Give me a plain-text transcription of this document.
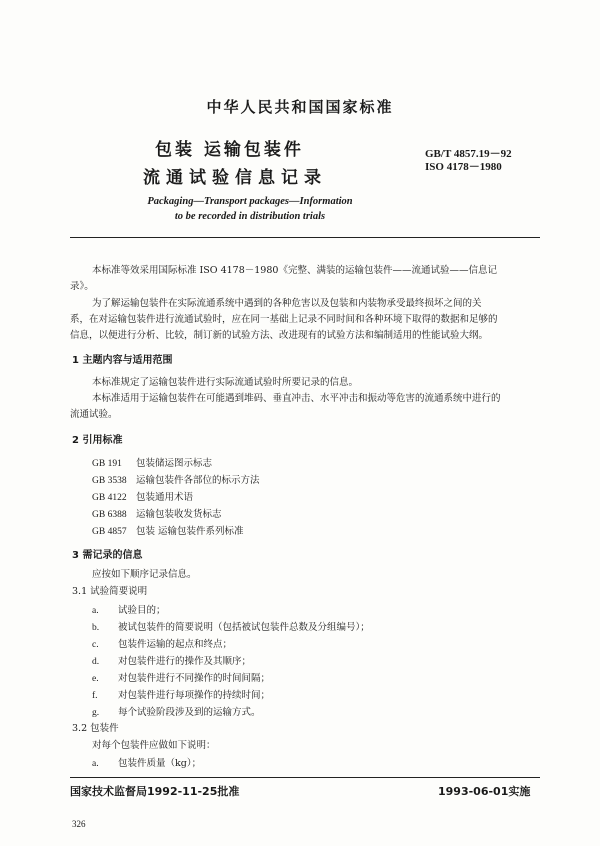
中华人民共和国国家标准
包装 运输包装件
流通试验信息记录
GB/T 4857.19－92
ISO 4178－1980
Packaging—Transport packages—Information
to be recorded in distribution trials
本标准等效采用国际标准 ISO 4178－1980《完整、满装的运输包装件——流通试验——信息记
录》。
为了解运输包装件在实际流通系统中遇到的各种危害以及包装和内装物承受最终损坏之间的关
系，在对运输包装件进行流通试验时，应在同一基础上记录不同时间和各种环境下取得的数据和足够的
信息，以便进行分析、比较，制订新的试验方法、改进现有的试验方法和编制适用的性能试验大纲。
1 主题内容与适用范围
本标准规定了运输包装件进行实际流通试验时所要记录的信息。
本标准适用于运输包装件在可能遇到堆码、垂直冲击、水平冲击和振动等危害的流通系统中进行的
流通试验。
2 引用标准
GB 191 包装储运图示标志
GB 3538 运输包装件各部位的标示方法
GB 4122 包装通用术语
GB 6388 运输包装收发货标志
GB 4857 包装 运输包装件系列标准
3 需记录的信息
应按如下顺序记录信息。
3.1 试验简要说明
a. 试验目的；
b. 被试包装件的简要说明（包括被试包装件总数及分组编号）；
c. 包装件运输的起点和终点；
d. 对包装件进行的操作及其顺序；
e. 对包装件进行不同操作的时间间隔；
f. 对包装件进行每项操作的持续时间；
g. 每个试验阶段涉及到的运输方式。
3.2 包装件
对每个包装件应做如下说明：
a. 包装件质量（kg）；
国家技术监督局1992-11-25批准	1993-06-01实施
326
